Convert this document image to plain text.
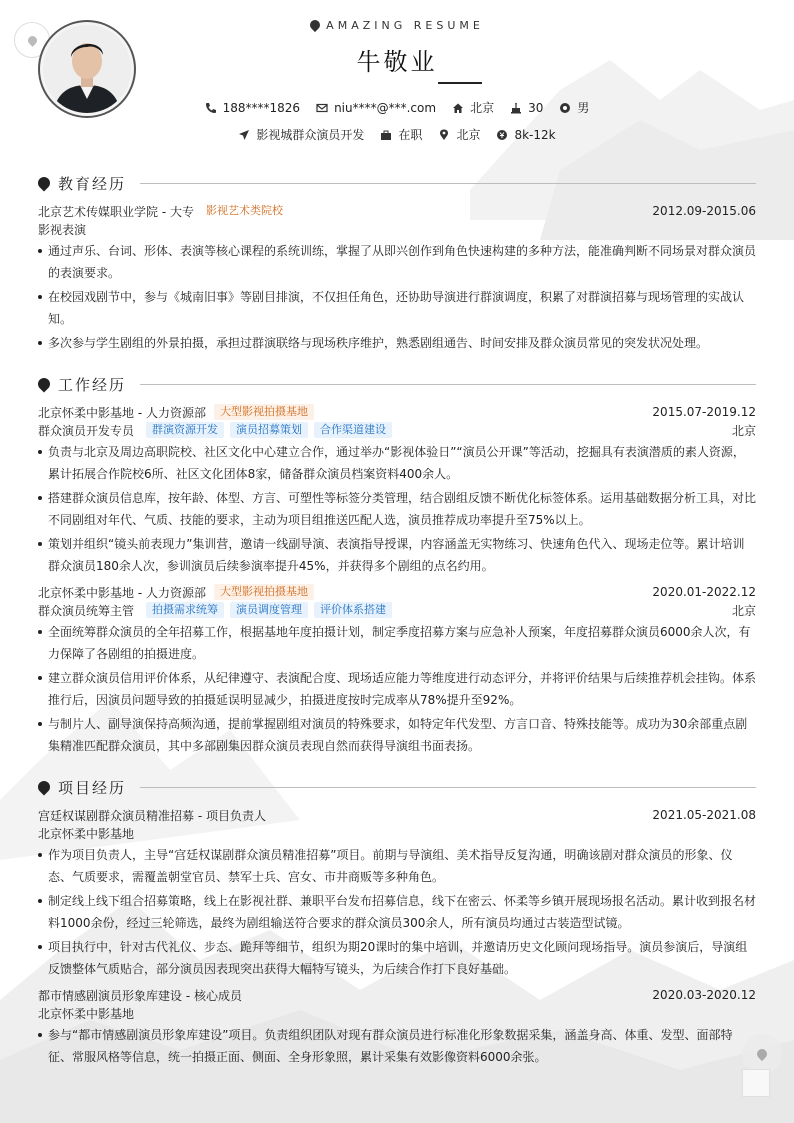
AMAZING RESUME
牛敬业
188****1826	niu****@***.com	北京	30	男
影视城群众演员开发	在职	北京	8k-12k
教育经历
北京艺术传媒职业学院 - 大专	影视艺术类院校	2012.09-2015.06
影视表演
通过声乐、台词、形体、表演等核心课程的系统训练，掌握了从即兴创作到角色快速构建的多种方法，能准确判断不同场景对群众演员的表演要求。
在校园戏剧节中，参与《城南旧事》等剧目排演，不仅担任角色，还协助导演进行群演调度，积累了对群演招募与现场管理的实战认知。
多次参与学生剧组的外景拍摄，承担过群演联络与现场秩序维护，熟悉剧组通告、时间安排及群众演员常见的突发状况处理。
工作经历
北京怀柔中影基地 - 人力资源部	大型影视拍摄基地	2015.07-2019.12
群众演员开发专员	群演资源开发	演员招募策划	合作渠道建设	北京
负责与北京及周边高职院校、社区文化中心建立合作，通过举办“影视体验日”“演员公开课”等活动，挖掘具有表演潜质的素人资源，累计拓展合作院校6所、社区文化团体8家，储备群众演员档案资料400余人。
搭建群众演员信息库，按年龄、体型、方言、可塑性等标签分类管理，结合剧组反馈不断优化标签体系。运用基础数据分析工具，对比不同剧组对年代、气质、技能的要求，主动为项目组推送匹配人选，演员推荐成功率提升至75%以上。
策划并组织“镜头前表现力”集训营，邀请一线副导演、表演指导授课，内容涵盖无实物练习、快速角色代入、现场走位等。累计培训群众演员180余人次，参训演员后续参演率提升45%，并获得多个剧组的点名约用。
北京怀柔中影基地 - 人力资源部	大型影视拍摄基地	2020.01-2022.12
群众演员统筹主管	拍摄需求统筹	演员调度管理	评价体系搭建	北京
全面统筹群众演员的全年招募工作，根据基地年度拍摄计划，制定季度招募方案与应急补人预案，年度招募群众演员6000余人次，有力保障了各剧组的拍摄进度。
建立群众演员信用评价体系，从纪律遵守、表演配合度、现场适应能力等维度进行动态评分，并将评价结果与后续推荐机会挂钩。体系推行后，因演员问题导致的拍摄延误明显减少，拍摄进度按时完成率从78%提升至92%。
与制片人、副导演保持高频沟通，提前掌握剧组对演员的特殊要求，如特定年代发型、方言口音、特殊技能等。成功为30余部重点剧集精准匹配群众演员，其中多部剧集因群众演员表现自然而获得导演组书面表扬。
项目经历
宫廷权谋剧群众演员精准招募 - 项目负责人	2021.05-2021.08
北京怀柔中影基地
作为项目负责人，主导“宫廷权谋剧群众演员精准招募”项目。前期与导演组、美术指导反复沟通，明确该剧对群众演员的形象、仪态、气质要求，需覆盖朝堂官员、禁军士兵、宫女、市井商贩等多种角色。
制定线上线下组合招募策略，线上在影视社群、兼职平台发布招募信息，线下在密云、怀柔等乡镇开展现场报名活动。累计收到报名材料1000余份，经过三轮筛选，最终为剧组输送符合要求的群众演员300余人，所有演员均通过古装造型试镜。
项目执行中，针对古代礼仪、步态、跪拜等细节，组织为期20课时的集中培训，并邀请历史文化顾问现场指导。演员参演后，导演组反馈整体气质贴合，部分演员因表现突出获得大幅特写镜头，为后续合作打下良好基础。
都市情感剧演员形象库建设 - 核心成员	2020.03-2020.12
北京怀柔中影基地
参与“都市情感剧演员形象库建设”项目。负责组织团队对现有群众演员进行标准化形象数据采集，涵盖身高、体重、发型、面部特征、常服风格等信息，统一拍摄正面、侧面、全身形象照，累计采集有效影像资料6000余张。
